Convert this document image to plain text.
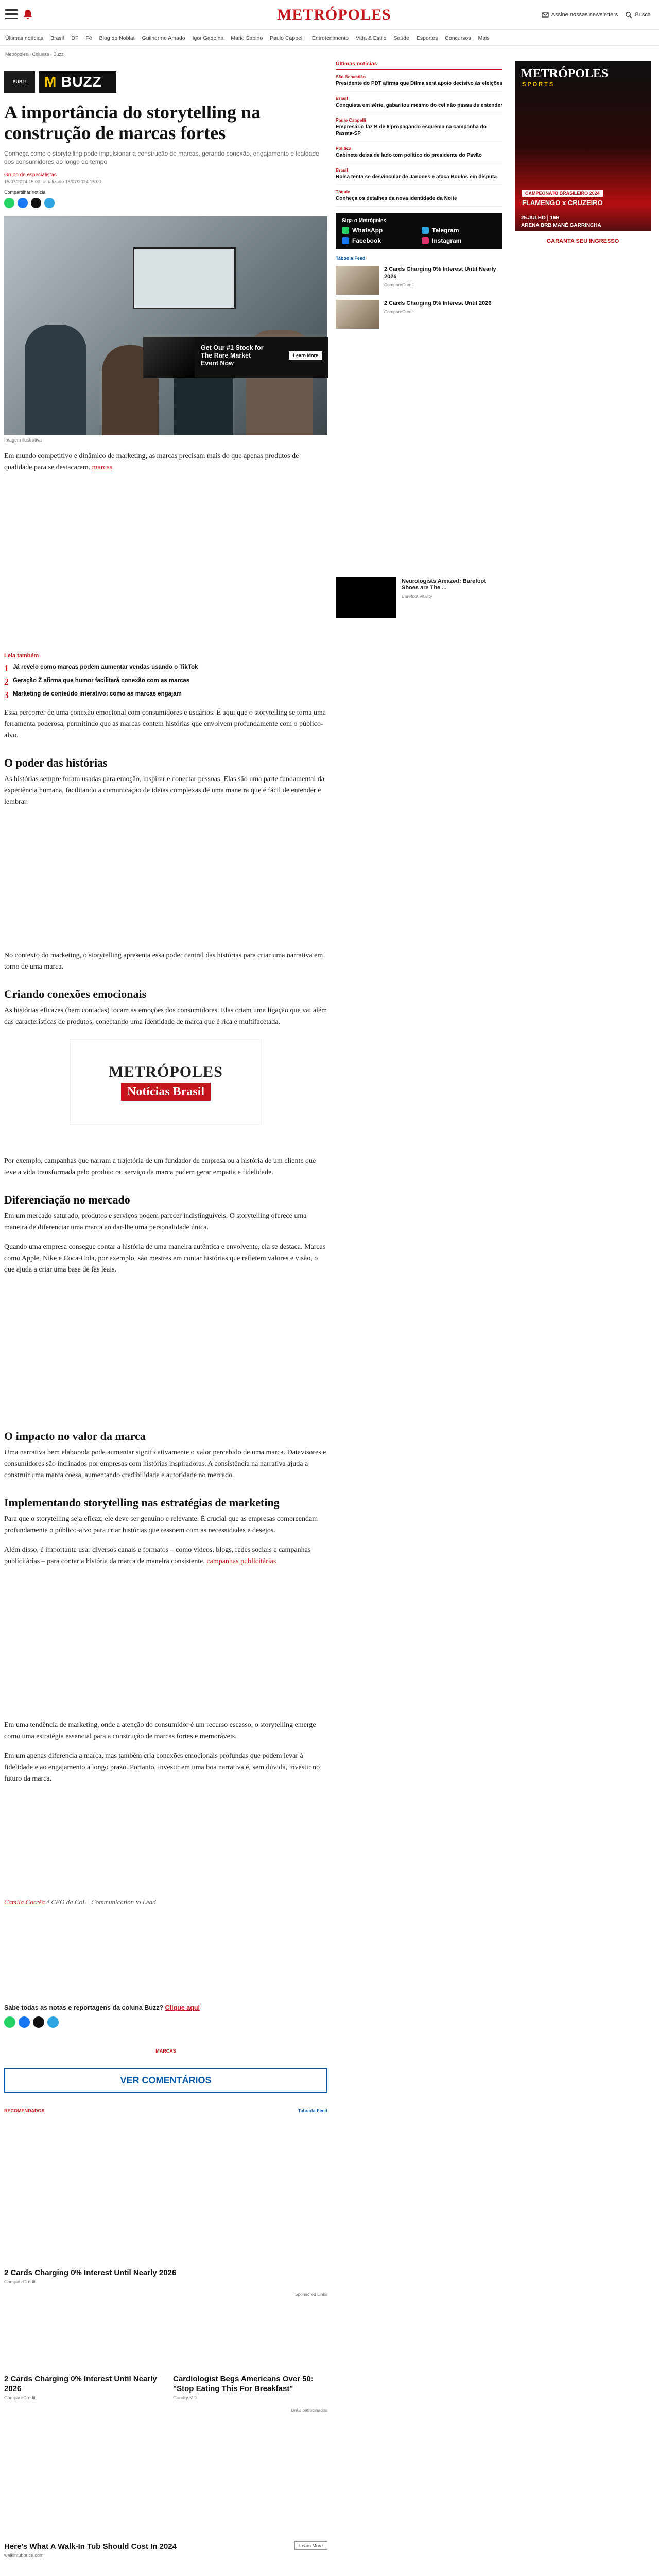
METRÓPOLES	Assine nossas newsletters	Busca
Últimas notícias Brasil DF Fé Blog do Noblat Guilherme Amado Igor Gadelha Mario Sabino Paulo Cappelli Entretenimento Vida & Estilo Saúde Esportes Concursos Mais
Metrópoles › Colunas › Buzz
PUBLI	M BUZZ
A importância do storytelling na construção de marcas fortes
Conheça como o storytelling pode impulsionar a construção de marcas, gerando conexão, engajamento e lealdade dos consumidores ao longo do tempo
Grupo de especialistas
15/07/2024 15:00, atualizado 15/07/2024 15:00
Compartilhar notícia
Imagem ilustrativa

Em mundo competitivo e dinâmico de marketing, as marcas precisam mais do que apenas produtos de qualidade para se destacarem. marcas

Leia também
1 Já revelo como marcas podem aumentar vendas usando o TikTok
2 Geração Z afirma que humor facilitará conexão com as marcas
3 Marketing de conteúdo interativo: como as marcas engajam

Essa percorrer de uma conexão emocional com consumidores e usuários. É aqui que o storytelling se torna uma ferramenta poderosa, permitindo que as marcas contem histórias que envolvem profundamente com o público-alvo.

O poder das histórias

As histórias sempre foram usadas para emoção, inspirar e conectar pessoas. Elas são uma parte fundamental da experiência humana, facilitando a comunicação de ideias complexas de uma maneira que é fácil de entender e lembrar.

No contexto do marketing, o storytelling apresenta essa poder central das histórias para criar uma narrativa em torno de uma marca.

Criando conexões emocionais

As histórias eficazes (bem contadas) tocam as emoções dos consumidores. Elas criam uma ligação que vai além das características de produtos, conectando uma identidade de marca que é rica e multifacetada.

METRÓPOLES
Notícias Brasil

Por exemplo, campanhas que narram a trajetória de um fundador de empresa ou a história de um cliente que teve a vida transformada pelo produto ou serviço da marca podem gerar empatia e fidelidade.

Diferenciação no mercado

Em um mercado saturado, produtos e serviços podem parecer indistinguíveis. O storytelling oferece uma maneira de diferenciar uma marca ao dar-lhe uma personalidade única.

Quando uma empresa consegue contar a história de uma maneira autêntica e envolvente, ela se destaca. Marcas como Apple, Nike e Coca-Cola, por exemplo, são mestres em contar histórias que refletem valores e visão, o que ajuda a criar uma base de fãs leais.

O impacto no valor da marca

Uma narrativa bem elaborada pode aumentar significativamente o valor percebido de uma marca. Datavisores e consumidores são inclinados por empresas com histórias inspiradoras. A consistência na narrativa ajuda a construir uma marca coesa, aumentando credibilidade e autoridade no mercado.

Implementando storytelling nas estratégias de marketing

Para que o storytelling seja eficaz, ele deve ser genuíno e relevante. É crucial que as empresas compreendam profundamente o público-alvo para criar histórias que ressoem com as necessidades e desejos.

Além disso, é importante usar diversos canais e formatos – como vídeos, blogs, redes sociais e campanhas publicitárias – para contar a história da marca de maneira consistente. campanhas publicitárias

Em uma tendência de marketing, onde a atenção do consumidor é um recurso escasso, o storytelling emerge como uma estratégia essencial para a construção de marcas fortes e memoráveis.

Em um apenas diferencia a marca, mas também cria conexões emocionais profundas que podem levar à fidelidade e ao engajamento a longo prazo. Portanto, investir em uma boa narrativa é, sem dúvida, investir no futuro da marca.

Camila Corrêa é CEO da CoL | Communication to Lead
Sabe todas as notas e reportagens da coluna Buzz? Clique aqui
MARCAS
VER COMENTÁRIOS
RECOMENDADOS	Taboola Feed
2 Cards Charging 0% Interest Until Nearly 2026
CompareCredit
Sponsored Links
2 Cards Charging 0% Interest Until Nearly 2026
CompareCredit
Cardiologist Begs Americans Over 50: "Stop Eating This For Breakfast"
Gundry MD
Links patrocinados
Learn More
Here's What A Walk-In Tub Should Cost In 2024
walkintubprice.com
Get Our #1 Stock for The Rare Market Event Now
Learn More
Últimas notícias
São Sebastião
Presidente do PDT afirma que Dilma será apoio decisivo às eleições
Brasil
Conquista em série, gabaritou mesmo do cel não passa de entender
Paulo Cappelli
Empresário faz B de 6 propagando esquema na campanha do Pasma-SP
Política
Gabinete deixa de lado tom político do presidente do Pavão
Brasil
Bolsa tenta se desvincular de Janones e ataca Boulos em disputa
Tóquio
Conheça os detalhes da nova identidade da Noite
Siga o Metrópoles
WhatsApp	Telegram
Facebook	Instagram
Taboola Feed
2 Cards Charging 0% Interest Until Nearly 2026
CompareCredit
2 Cards Charging 0% Interest Until 2026
CompareCredit
Neurologists Amazed: Barefoot Shoes are The ...
Barefoot Vitality
METRÓPOLES
SPORTS
CAMPEONATO BRASILEIRO 2024
FLAMENGO x CRUZEIRO
25.JULHO | 16H
ARENA BRB MANÉ GARRINCHA
GARANTA SEU INGRESSO
